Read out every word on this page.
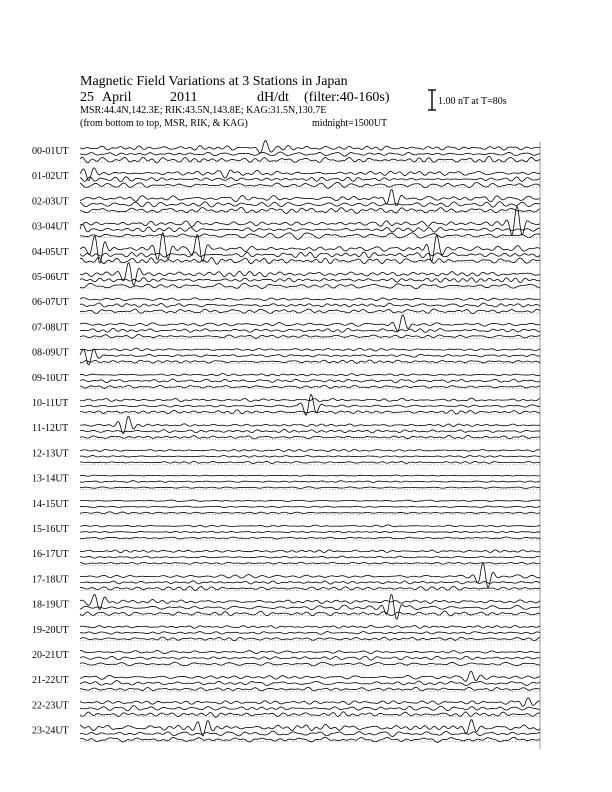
Magnetic Field Variations at 3 Stations in Japan
25 April	2011	dH/dt (filter:40-160s)
MSR:44.4N,142.3E; RIK:43.5N,143.8E; KAG:31.5N,130.7E
(from bottom to top, MSR, RIK, & KAG)	midnight=1500UT
1.00 nT at T=80s
00-01UT
01-02UT
02-03UT
03-04UT
04-05UT
05-06UT
06-07UT
07-08UT
08-09UT
09-10UT
10-11UT
11-12UT
12-13UT
13-14UT
14-15UT
15-16UT
16-17UT
17-18UT
18-19UT
19-20UT
20-21UT
21-22UT
22-23UT
23-24UT
